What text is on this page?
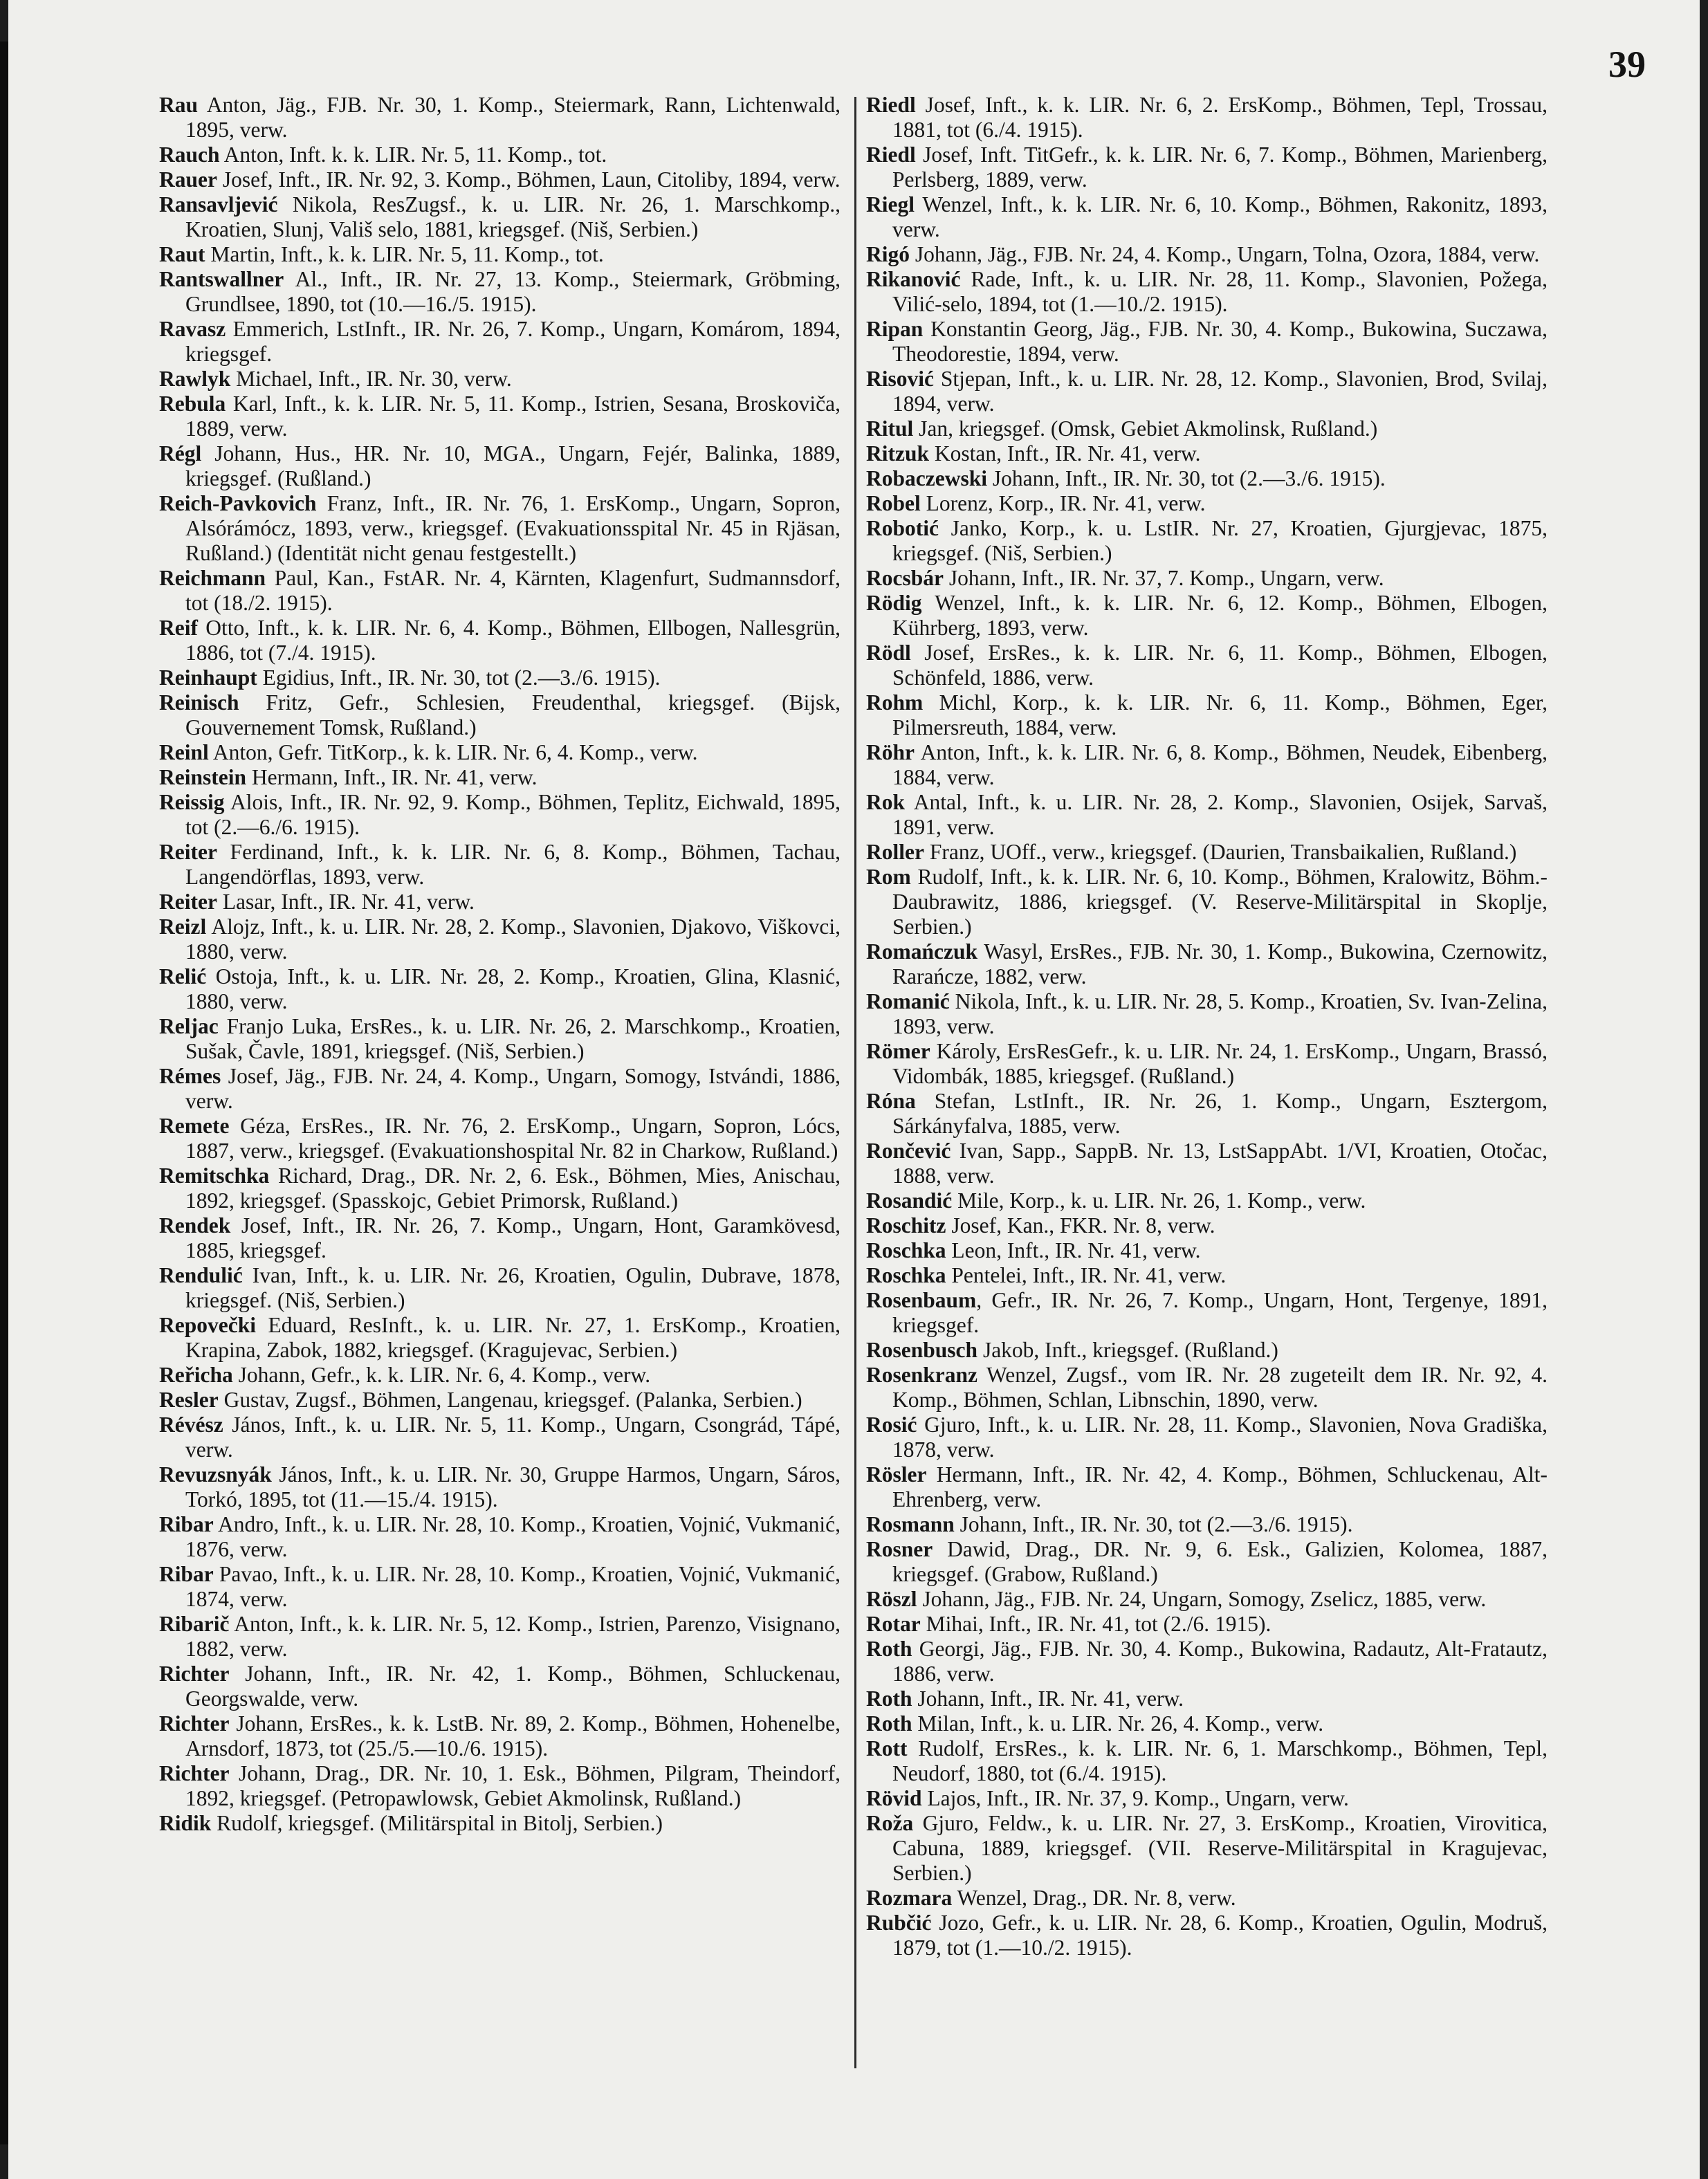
39

Rau Anton, Jäg., FJB. Nr. 30, 1. Komp., Steiermark, Rann, Lichtenwald, 1895, verw.

Rauch Anton, Inft. k. k. LIR. Nr. 5, 11. Komp., tot.

Rauer Josef, Inft., IR. Nr. 92, 3. Komp., Böhmen, Laun, Citoliby, 1894, verw.

Ransavljević Nikola, ResZugsf., k. u. LIR. Nr. 26, 1. Marschkomp., Kroatien, Slunj, Vališ selo, 1881, kriegsgef. (Niš, Serbien.)

Raut Martin, Inft., k. k. LIR. Nr. 5, 11. Komp., tot.

Rantswallner Al., Inft., IR. Nr. 27, 13. Komp., Steiermark, Gröbming, Grundlsee, 1890, tot (10.—16./5. 1915).

Ravasz Emmerich, LstInft., IR. Nr. 26, 7. Komp., Ungarn, Komárom, 1894, kriegsgef.

Rawlyk Michael, Inft., IR. Nr. 30, verw.

Rebula Karl, Inft., k. k. LIR. Nr. 5, 11. Komp., Istrien, Sesana, Broskoviča, 1889, verw.

Régl Johann, Hus., HR. Nr. 10, MGA., Ungarn, Fejér, Balinka, 1889, kriegsgef. (Rußland.)

Reich-Pavkovich Franz, Inft., IR. Nr. 76, 1. ErsKomp., Ungarn, Sopron, Alsórámócz, 1893, verw., kriegsgef. (Evakuationsspital Nr. 45 in Rjäsan, Rußland.) (Identität nicht genau festgestellt.)

Reichmann Paul, Kan., FstAR. Nr. 4, Kärnten, Klagenfurt, Sudmannsdorf, tot (18./2. 1915).

Reif Otto, Inft., k. k. LIR. Nr. 6, 4. Komp., Böhmen, Ellbogen, Nallesgrün, 1886, tot (7./4. 1915).

Reinhaupt Egidius, Inft., IR. Nr. 30, tot (2.—3./6. 1915).

Reinisch Fritz, Gefr., Schlesien, Freudenthal, kriegsgef. (Bijsk, Gouvernement Tomsk, Rußland.)

Reinl Anton, Gefr. TitKorp., k. k. LIR. Nr. 6, 4. Komp., verw.

Reinstein Hermann, Inft., IR. Nr. 41, verw.

Reissig Alois, Inft., IR. Nr. 92, 9. Komp., Böhmen, Teplitz, Eichwald, 1895, tot (2.—6./6. 1915).

Reiter Ferdinand, Inft., k. k. LIR. Nr. 6, 8. Komp., Böhmen, Tachau, Langendörflas, 1893, verw.

Reiter Lasar, Inft., IR. Nr. 41, verw.

Reizl Alojz, Inft., k. u. LIR. Nr. 28, 2. Komp., Slavonien, Djakovo, Viškovci, 1880, verw.

Relić Ostoja, Inft., k. u. LIR. Nr. 28, 2. Komp., Kroatien, Glina, Klasnić, 1880, verw.

Reljac Franjo Luka, ErsRes., k. u. LIR. Nr. 26, 2. Marschkomp., Kroatien, Sušak, Čavle, 1891, kriegsgef. (Niš, Serbien.)

Rémes Josef, Jäg., FJB. Nr. 24, 4. Komp., Ungarn, Somogy, Istvándi, 1886, verw.

Remete Géza, ErsRes., IR. Nr. 76, 2. ErsKomp., Ungarn, Sopron, Lócs, 1887, verw., kriegsgef. (Evakuationshospital Nr. 82 in Charkow, Rußland.)

Remitschka Richard, Drag., DR. Nr. 2, 6. Esk., Böhmen, Mies, Anischau, 1892, kriegsgef. (Spasskojc, Gebiet Primorsk, Rußland.)

Rendek Josef, Inft., IR. Nr. 26, 7. Komp., Ungarn, Hont, Garamkövesd, 1885, kriegsgef.

Rendulić Ivan, Inft., k. u. LIR. Nr. 26, Kroatien, Ogulin, Dubrave, 1878, kriegsgef. (Niš, Serbien.)

Repovečki Eduard, ResInft., k. u. LIR. Nr. 27, 1. ErsKomp., Kroatien, Krapina, Zabok, 1882, kriegsgef. (Kragujevac, Serbien.)

Reřicha Johann, Gefr., k. k. LIR. Nr. 6, 4. Komp., verw.

Resler Gustav, Zugsf., Böhmen, Langenau, kriegsgef. (Palanka, Serbien.)

Révész János, Inft., k. u. LIR. Nr. 5, 11. Komp., Ungarn, Csongrád, Tápé, verw.

Revuzsnyák János, Inft., k. u. LIR. Nr. 30, Gruppe Harmos, Ungarn, Sáros, Torkó, 1895, tot (11.—15./4. 1915).

Ribar Andro, Inft., k. u. LIR. Nr. 28, 10. Komp., Kroatien, Vojnić, Vukmanić, 1876, verw.

Ribar Pavao, Inft., k. u. LIR. Nr. 28, 10. Komp., Kroatien, Vojnić, Vukmanić, 1874, verw.

Ribarič Anton, Inft., k. k. LIR. Nr. 5, 12. Komp., Istrien, Parenzo, Visignano, 1882, verw.

Richter Johann, Inft., IR. Nr. 42, 1. Komp., Böhmen, Schluckenau, Georgswalde, verw.

Richter Johann, ErsRes., k. k. LstB. Nr. 89, 2. Komp., Böhmen, Hohenelbe, Arnsdorf, 1873, tot (25./5.—10./6. 1915).

Richter Johann, Drag., DR. Nr. 10, 1. Esk., Böhmen, Pilgram, Theindorf, 1892, kriegsgef. (Petropawlowsk, Gebiet Akmolinsk, Rußland.)

Ridik Rudolf, kriegsgef. (Militärspital in Bitolj, Serbien.)

Riedl Josef, Inft., k. k. LIR. Nr. 6, 2. ErsKomp., Böhmen, Tepl, Trossau, 1881, tot (6./4. 1915).

Riedl Josef, Inft. TitGefr., k. k. LIR. Nr. 6, 7. Komp., Böhmen, Marienberg, Perlsberg, 1889, verw.

Riegl Wenzel, Inft., k. k. LIR. Nr. 6, 10. Komp., Böhmen, Rakonitz, 1893, verw.

Rigó Johann, Jäg., FJB. Nr. 24, 4. Komp., Ungarn, Tolna, Ozora, 1884, verw.

Rikanović Rade, Inft., k. u. LIR. Nr. 28, 11. Komp., Slavonien, Požega, Vilić-selo, 1894, tot (1.—10./2. 1915).

Ripan Konstantin Georg, Jäg., FJB. Nr. 30, 4. Komp., Bukowina, Suczawa, Theodorestie, 1894, verw.

Risović Stjepan, Inft., k. u. LIR. Nr. 28, 12. Komp., Slavonien, Brod, Svilaj, 1894, verw.

Ritul Jan, kriegsgef. (Omsk, Gebiet Akmolinsk, Rußland.)

Ritzuk Kostan, Inft., IR. Nr. 41, verw.

Robaczewski Johann, Inft., IR. Nr. 30, tot (2.—3./6. 1915).

Robel Lorenz, Korp., IR. Nr. 41, verw.

Robotić Janko, Korp., k. u. LstIR. Nr. 27, Kroatien, Gjurgjevac, 1875, kriegsgef. (Niš, Serbien.)

Rocsbár Johann, Inft., IR. Nr. 37, 7. Komp., Ungarn, verw.

Rödig Wenzel, Inft., k. k. LIR. Nr. 6, 12. Komp., Böhmen, Elbogen, Kührberg, 1893, verw.

Rödl Josef, ErsRes., k. k. LIR. Nr. 6, 11. Komp., Böhmen, Elbogen, Schönfeld, 1886, verw.

Rohm Michl, Korp., k. k. LIR. Nr. 6, 11. Komp., Böhmen, Eger, Pilmersreuth, 1884, verw.

Röhr Anton, Inft., k. k. LIR. Nr. 6, 8. Komp., Böhmen, Neudek, Eibenberg, 1884, verw.

Rok Antal, Inft., k. u. LIR. Nr. 28, 2. Komp., Slavonien, Osijek, Sarvaš, 1891, verw.

Roller Franz, UOff., verw., kriegsgef. (Daurien, Transbaikalien, Rußland.)

Rom Rudolf, Inft., k. k. LIR. Nr. 6, 10. Komp., Böhmen, Kralowitz, Böhm.-Daubrawitz, 1886, kriegsgef. (V. Reserve-Militärspital in Skoplje, Serbien.)

Romańczuk Wasyl, ErsRes., FJB. Nr. 30, 1. Komp., Bukowina, Czernowitz, Rarańcze, 1882, verw.

Romanić Nikola, Inft., k. u. LIR. Nr. 28, 5. Komp., Kroatien, Sv. Ivan-Zelina, 1893, verw.

Römer Károly, ErsResGefr., k. u. LIR. Nr. 24, 1. ErsKomp., Ungarn, Brassó, Vidombák, 1885, kriegsgef. (Rußland.)

Róna Stefan, LstInft., IR. Nr. 26, 1. Komp., Ungarn, Esztergom, Sárkányfalva, 1885, verw.

Rončević Ivan, Sapp., SappB. Nr. 13, LstSappAbt. 1/VI, Kroatien, Otočac, 1888, verw.

Rosandić Mile, Korp., k. u. LIR. Nr. 26, 1. Komp., verw.

Roschitz Josef, Kan., FKR. Nr. 8, verw.

Roschka Leon, Inft., IR. Nr. 41, verw.

Roschka Pentelei, Inft., IR. Nr. 41, verw.

Rosenbaum, Gefr., IR. Nr. 26, 7. Komp., Ungarn, Hont, Tergenye, 1891, kriegsgef.

Rosenbusch Jakob, Inft., kriegsgef. (Rußland.)

Rosenkranz Wenzel, Zugsf., vom IR. Nr. 28 zugeteilt dem IR. Nr. 92, 4. Komp., Böhmen, Schlan, Libnschin, 1890, verw.

Rosić Gjuro, Inft., k. u. LIR. Nr. 28, 11. Komp., Slavonien, Nova Gradiška, 1878, verw.

Rösler Hermann, Inft., IR. Nr. 42, 4. Komp., Böhmen, Schluckenau, Alt-Ehrenberg, verw.

Rosmann Johann, Inft., IR. Nr. 30, tot (2.—3./6. 1915).

Rosner Dawid, Drag., DR. Nr. 9, 6. Esk., Galizien, Kolomea, 1887, kriegsgef. (Grabow, Rußland.)

Röszl Johann, Jäg., FJB. Nr. 24, Ungarn, Somogy, Zselicz, 1885, verw.

Rotar Mihai, Inft., IR. Nr. 41, tot (2./6. 1915).

Roth Georgi, Jäg., FJB. Nr. 30, 4. Komp., Bukowina, Radautz, Alt-Fratautz, 1886, verw.

Roth Johann, Inft., IR. Nr. 41, verw.

Roth Milan, Inft., k. u. LIR. Nr. 26, 4. Komp., verw.

Rott Rudolf, ErsRes., k. k. LIR. Nr. 6, 1. Marschkomp., Böhmen, Tepl, Neudorf, 1880, tot (6./4. 1915).

Rövid Lajos, Inft., IR. Nr. 37, 9. Komp., Ungarn, verw.

Roža Gjuro, Feldw., k. u. LIR. Nr. 27, 3. ErsKomp., Kroatien, Virovitica, Cabuna, 1889, kriegsgef. (VII. Reserve-Militärspital in Kragujevac, Serbien.)

Rozmara Wenzel, Drag., DR. Nr. 8, verw.

Rubčić Jozo, Gefr., k. u. LIR. Nr. 28, 6. Komp., Kroatien, Ogulin, Modruš, 1879, tot (1.—10./2. 1915).
